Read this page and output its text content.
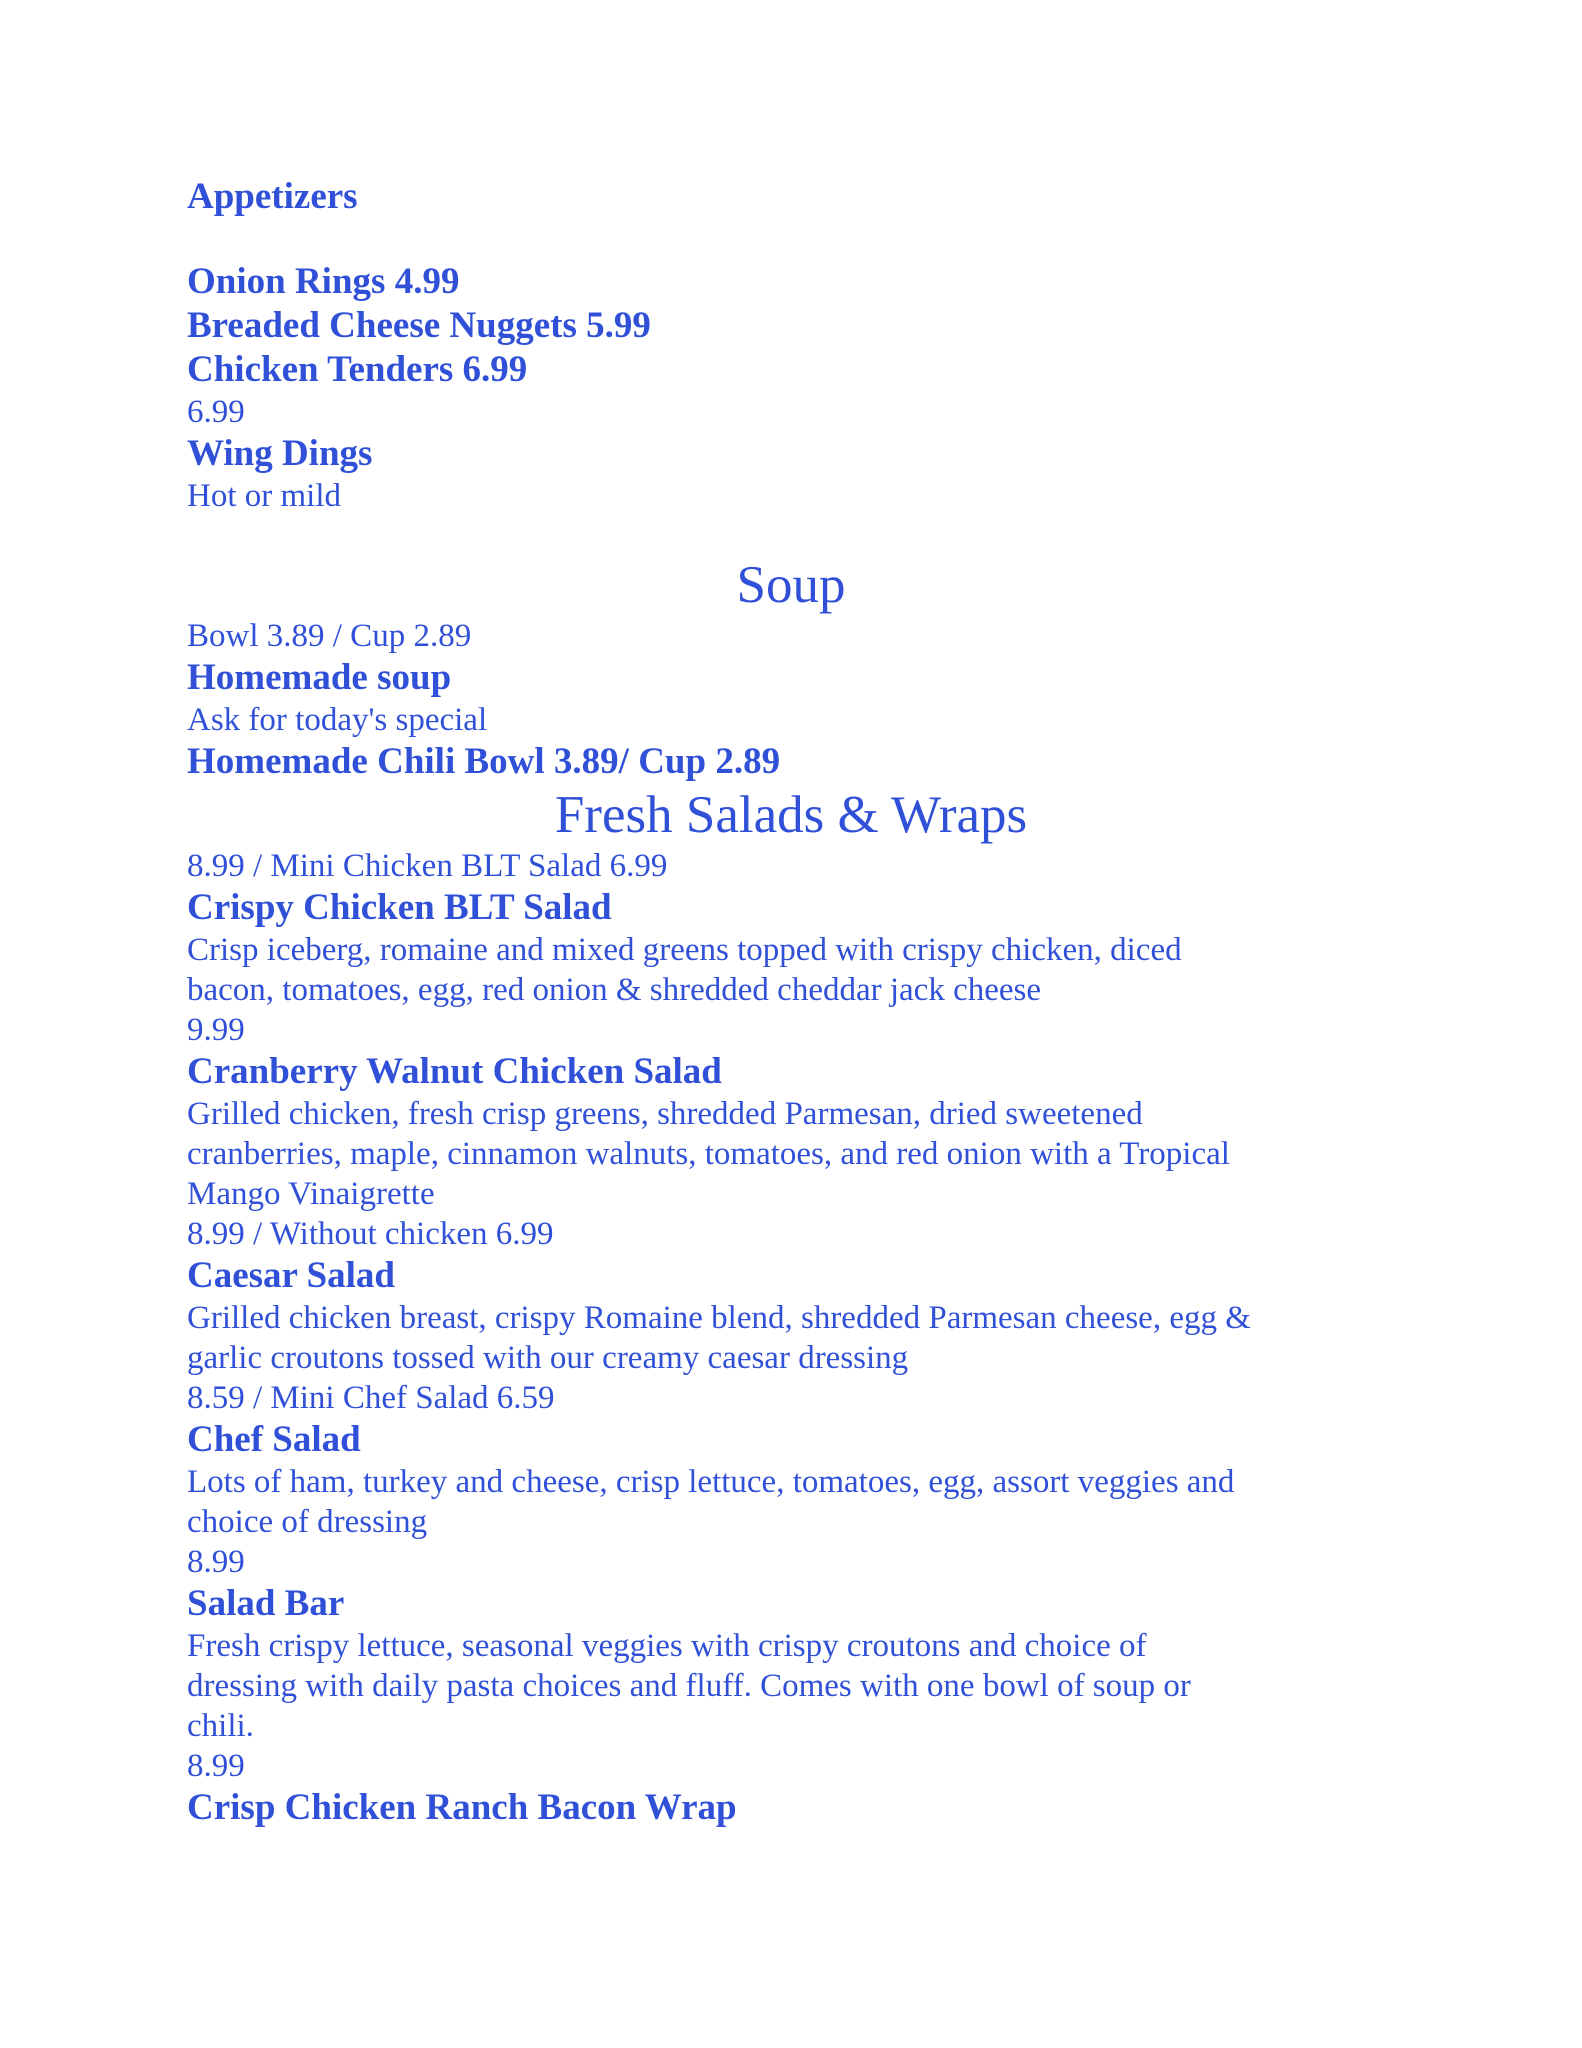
Appetizers

Onion Rings 4.99

Breaded Cheese Nuggets 5.99

Chicken Tenders 6.99

6.99

Wing Dings

Hot or mild

Soup

Bowl 3.89 / Cup 2.89

Homemade soup

Ask for today's special

Homemade Chili Bowl 3.89/ Cup 2.89

Fresh Salads & Wraps

8.99 / Mini Chicken BLT Salad 6.99

Crispy Chicken BLT Salad

Crisp iceberg, romaine and mixed greens topped with crispy chicken, diced

bacon, tomatoes, egg, red onion & shredded cheddar jack cheese

9.99

Cranberry Walnut Chicken Salad

Grilled chicken, fresh crisp greens, shredded Parmesan, dried sweetened

cranberries, maple, cinnamon walnuts, tomatoes, and red onion with a Tropical

Mango Vinaigrette

8.99 / Without chicken 6.99

Caesar Salad

Grilled chicken breast, crispy Romaine blend, shredded Parmesan cheese, egg &

garlic croutons tossed with our creamy caesar dressing

8.59 / Mini Chef Salad 6.59

Chef Salad

Lots of ham, turkey and cheese, crisp lettuce, tomatoes, egg, assort veggies and

choice of dressing

8.99

Salad Bar

Fresh crispy lettuce, seasonal veggies with crispy croutons and choice of

dressing with daily pasta choices and fluff. Comes with one bowl of soup or

chili.

8.99

Crisp Chicken Ranch Bacon Wrap
